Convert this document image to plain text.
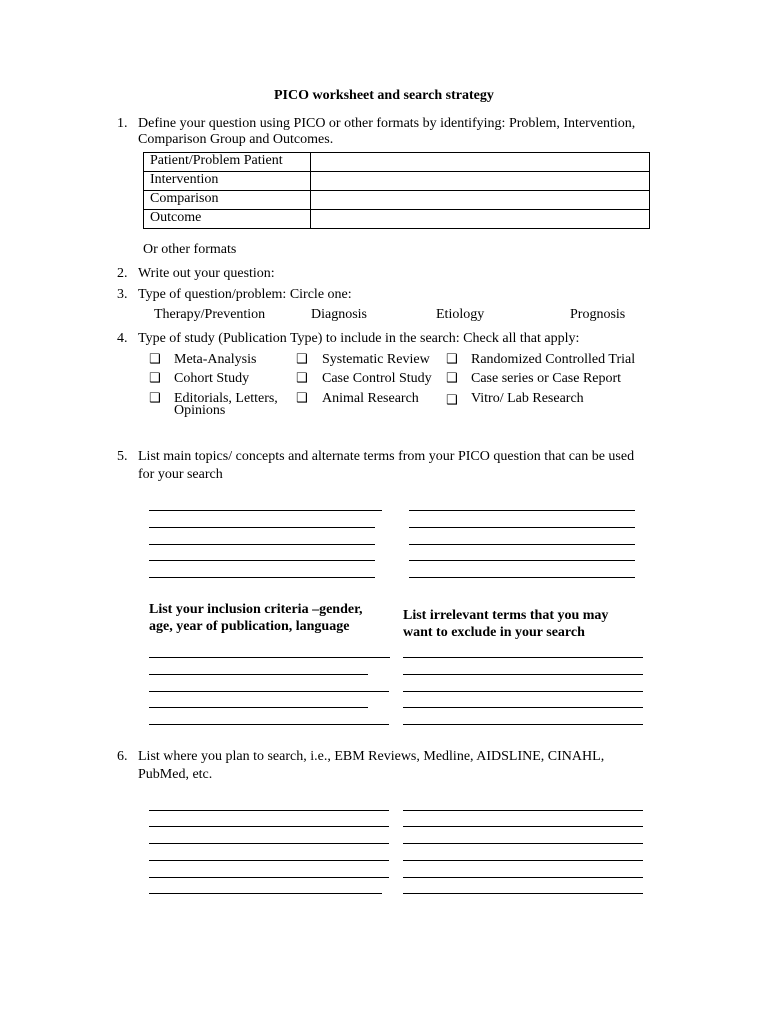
PICO worksheet and search strategy
1. Define your question using PICO or other formats by identifying: Problem, Intervention,
Comparison Group and Outcomes.
Patient/Problem Patient	
Intervention	
Comparison	
Outcome	
Or other formats
2. Write out your question:
3. Type of question/problem: Circle one:
Therapy/Prevention	Diagnosis	Etiology	Prognosis
4. Type of study (Publication Type) to include in the search: Check all that apply:
❑ Meta-Analysis	❑ Systematic Review ❑ Randomized Controlled Trial
❑ Cohort Study	❑ Case Control Study ❑ Case series or Case Report
❑ Editorials, Letters,
Opinions
❑ Animal Research ❑ Vitro/ Lab Research
5. List main topics/ concepts and alternate terms from your PICO question that can be used
for your search
List your inclusion criteria –gender,
age, year of publication, language
List irrelevant terms that you may
want to exclude in your search
6. List where you plan to search, i.e., EBM Reviews, Medline, AIDSLINE, CINAHL,
PubMed, etc.
